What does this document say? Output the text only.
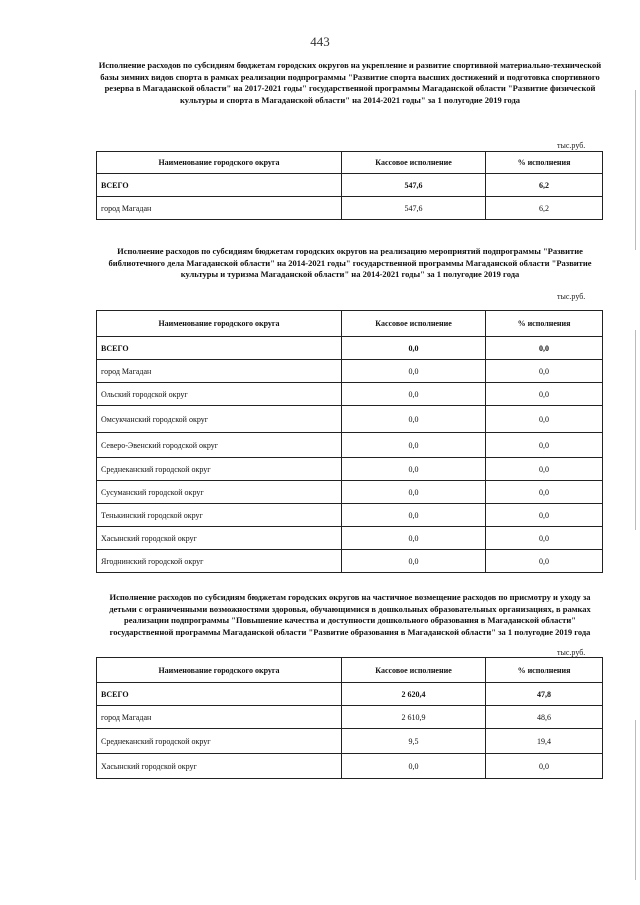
443

Исполнение расходов по субсидиям бюджетам городских округов на укрепление и развитие спортивной материально-технической базы зимних видов спорта в рамках реализации подпрограммы "Развитие спорта высших достижений и подготовка спортивного резерва в Магаданской области" на 2017-2021 годы" государственной программы Магаданской области "Развитие физической культуры и спорта в Магаданской области" на 2014-2021 годы" за 1 полугодие 2019 года

тыс.руб.
Наименование городского округа	Кассовое исполнение	% исполнения
ВСЕГО	547,6	6,2
город Магадан	547,6	6,2

Исполнение расходов по субсидиям бюджетам городских округов на реализацию мероприятий подпрограммы "Развитие библиотечного дела Магаданской области" на 2014-2021 годы" государственной программы Магаданской области "Развитие культуры и туризма Магаданской области" на 2014-2021 годы" за 1 полугодие 2019 года

тыс.руб.
Наименование городского округа	Кассовое исполнение	% исполнения
ВСЕГО	0,0	0,0
город Магадан	0,0	0,0
Ольский городской округ	0,0	0,0
Омсукчанский городской округ	0,0	0,0
Северо-Эвенский городской округ	0,0	0,0
Среднеканский городской округ	0,0	0,0
Сусуманский городской округ	0,0	0,0
Тенькинский городской округ	0,0	0,0
Хасынский городской округ	0,0	0,0
Ягоднинский городской округ	0,0	0,0

Исполнение расходов по субсидиям бюджетам городских округов на частичное возмещение расходов по присмотру и уходу за детьми с ограниченными возможностями здоровья, обучающимися в дошкольных образовательных организациях, в рамках реализации подпрограммы "Повышение качества и доступности дошкольного образования в Магаданской области" государственной программы Магаданской области "Развитие образования в Магаданской области" за 1 полугодие 2019 года

тыс.руб.
Наименование городского округа	Кассовое исполнение	% исполнения
ВСЕГО	2 620,4	47,8
город Магадан	2 610,9	48,6
Среднеканский городской округ	9,5	19,4
Хасынский городской округ	0,0	0,0
